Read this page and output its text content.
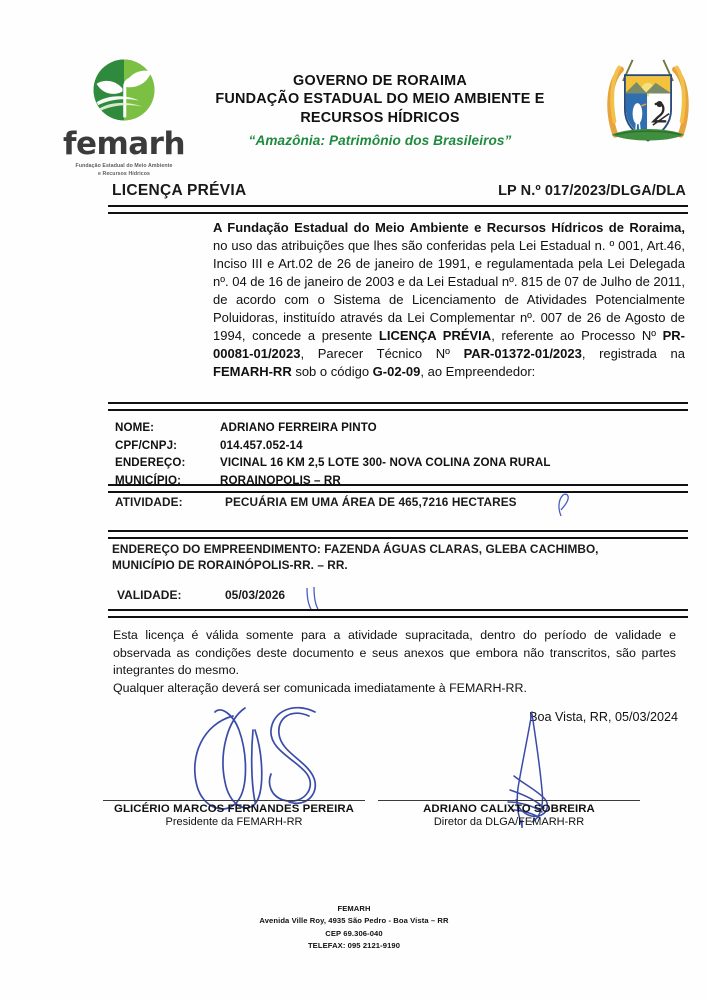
femarh
Fundação Estadual do Meio Ambiente
e Recursos Hídricos
GOVERNO DE RORAIMA
FUNDAÇÃO ESTADUAL DO MEIO AMBIENTE E
RECURSOS HÍDRICOS
“Amazônia: Patrimônio dos Brasileiros”
LICENÇA PRÉVIA	LP N.º 017/2023/DLGA/DLA
A Fundação Estadual do Meio Ambiente e Recursos Hídricos de Roraima, no uso das atribuições que lhes são conferidas pela Lei Estadual n. º 001, Art.46, Inciso III e Art.02 de 26 de janeiro de 1991, e regulamentada pela Lei Delegada nº. 04 de 16 de janeiro de 2003 e da Lei Estadual nº. 815 de 07 de Julho de 2011, de acordo com o Sistema de Licenciamento de Atividades Potencialmente Poluidoras, instituído através da Lei Complementar nº. 007 de 26 de Agosto de 1994, concede a presente LICENÇA PRÉVIA, referente ao Processo Nº PR-00081-01/2023, Parecer Técnico Nº PAR-01372-01/2023, registrada na FEMARH-RR sob o código G-02-09, ao Empreendedor:
NOME:	ADRIANO FERREIRA PINTO
CPF/CNPJ:	014.457.052-14
ENDEREÇO:	VICINAL 16 KM 2,5 LOTE 300- NOVA COLINA ZONA RURAL
MUNICÍPIO:	RORAINOPOLIS – RR
ATIVIDADE:	PECUÁRIA EM UMA ÁREA DE 465,7216 HECTARES
ENDEREÇO DO EMPREENDIMENTO: FAZENDA ÁGUAS CLARAS, GLEBA CACHIMBO,
MUNICÍPIO DE RORAINÓPOLIS-RR. – RR.
VALIDADE:	05/03/2026
Esta licença é válida somente para a atividade supracitada, dentro do período de validade e observada as condições deste documento e seus anexos que embora não transcritos, são partes integrantes do mesmo.
Qualquer alteração deverá ser comunicada imediatamente à FEMARH-RR.
Boa Vista, RR, 05/03/2024
GLICÉRIO MARCOS FERNANDES PEREIRA
Presidente da FEMARH-RR
ADRIANO CALIXTO SOBREIRA
Diretor da DLGA/FEMARH-RR
FEMARH
Avenida Ville Roy, 4935 São Pedro - Boa Vista – RR
CEP 69.306-040
TELEFAX: 095 2121-9190
